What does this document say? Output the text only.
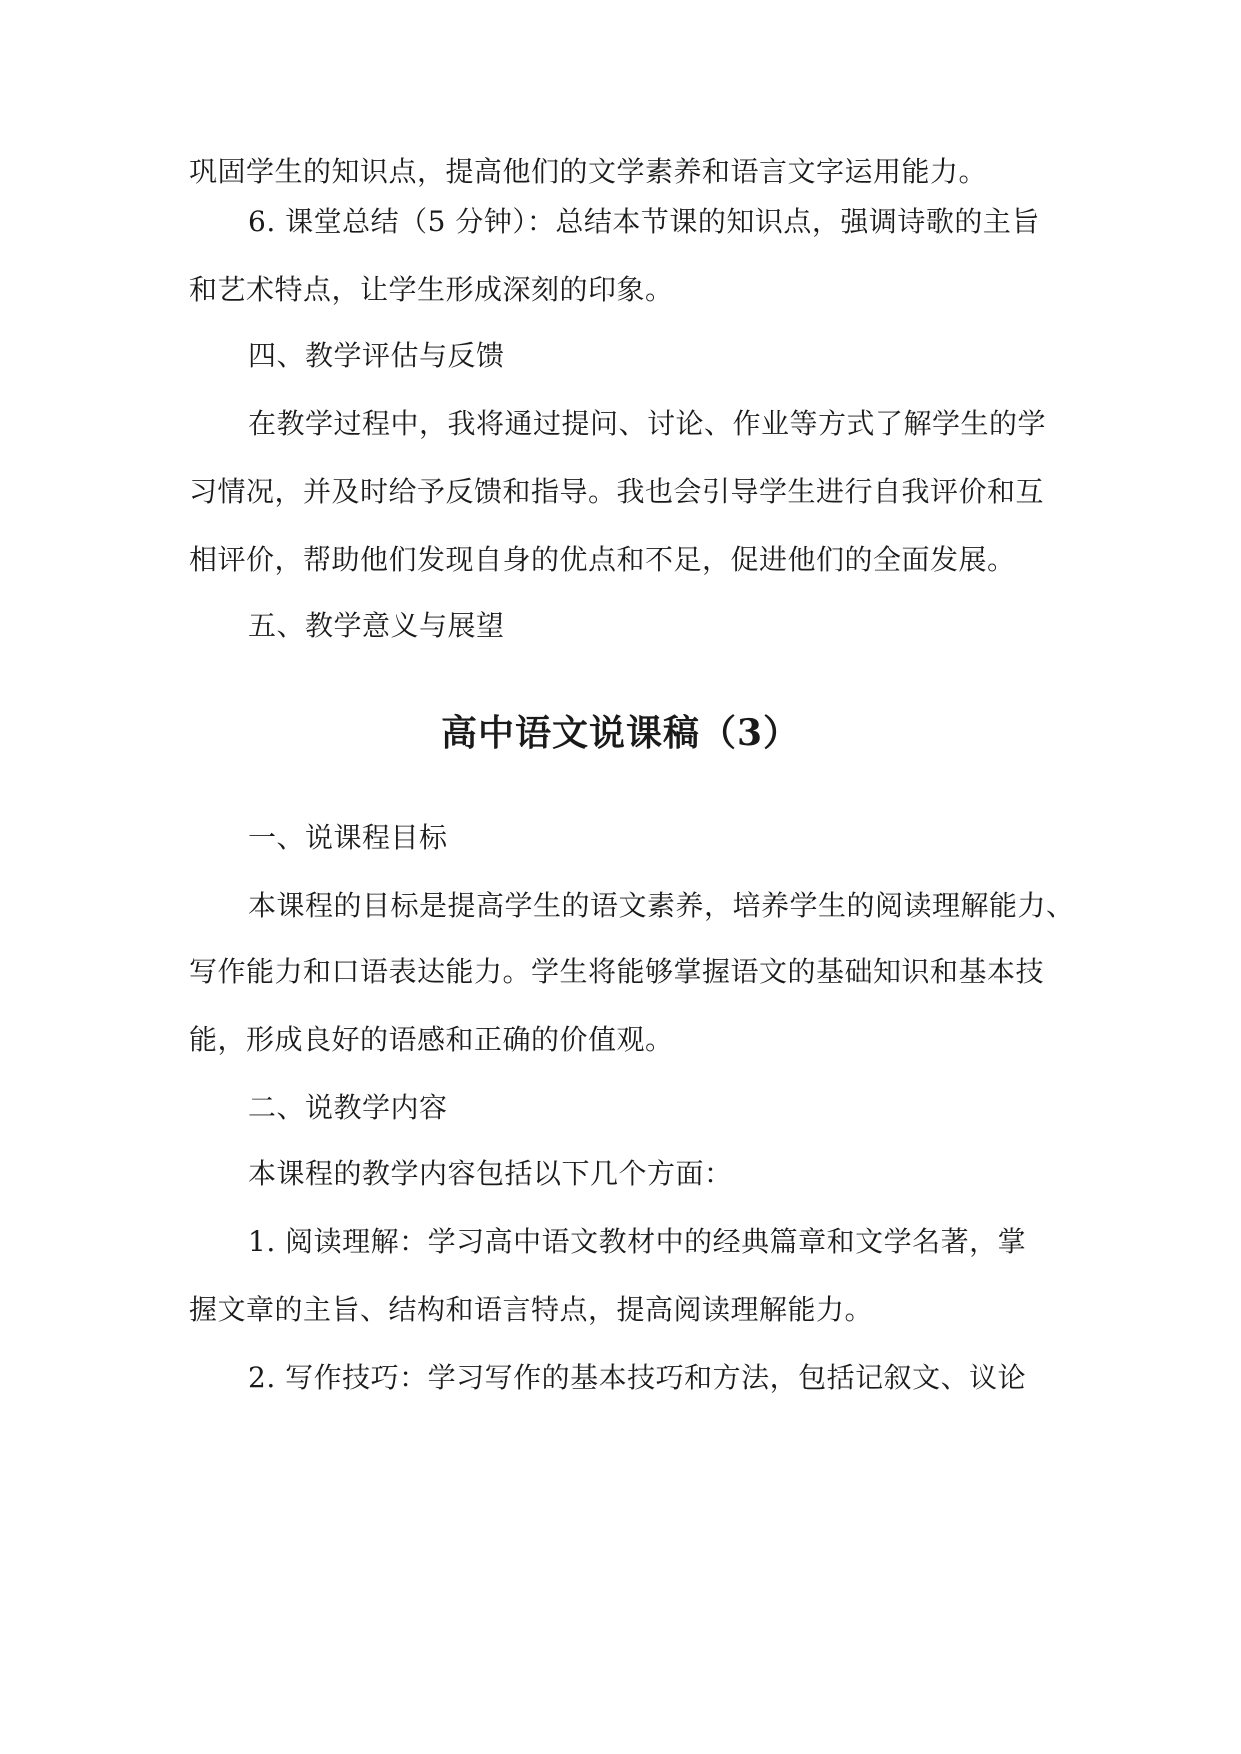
巩固学生的知识点，提高他们的文学素养和语言文字运用能力。
6. 课堂总结（5 分钟）：总结本节课的知识点，强调诗歌的主旨
和艺术特点，让学生形成深刻的印象。
四、教学评估与反馈
在教学过程中，我将通过提问、讨论、作业等方式了解学生的学
习情况，并及时给予反馈和指导。我也会引导学生进行自我评价和互
相评价，帮助他们发现自身的优点和不足，促进他们的全面发展。
五、教学意义与展望
高中语文说课稿（3）
一、说课程目标
本课程的目标是提高学生的语文素养，培养学生的阅读理解能力、
写作能力和口语表达能力。学生将能够掌握语文的基础知识和基本技
能，形成良好的语感和正确的价值观。
二、说教学内容
本课程的教学内容包括以下几个方面：
1. 阅读理解：学习高中语文教材中的经典篇章和文学名著，掌
握文章的主旨、结构和语言特点，提高阅读理解能力。
2. 写作技巧：学习写作的基本技巧和方法，包括记叙文、议论
